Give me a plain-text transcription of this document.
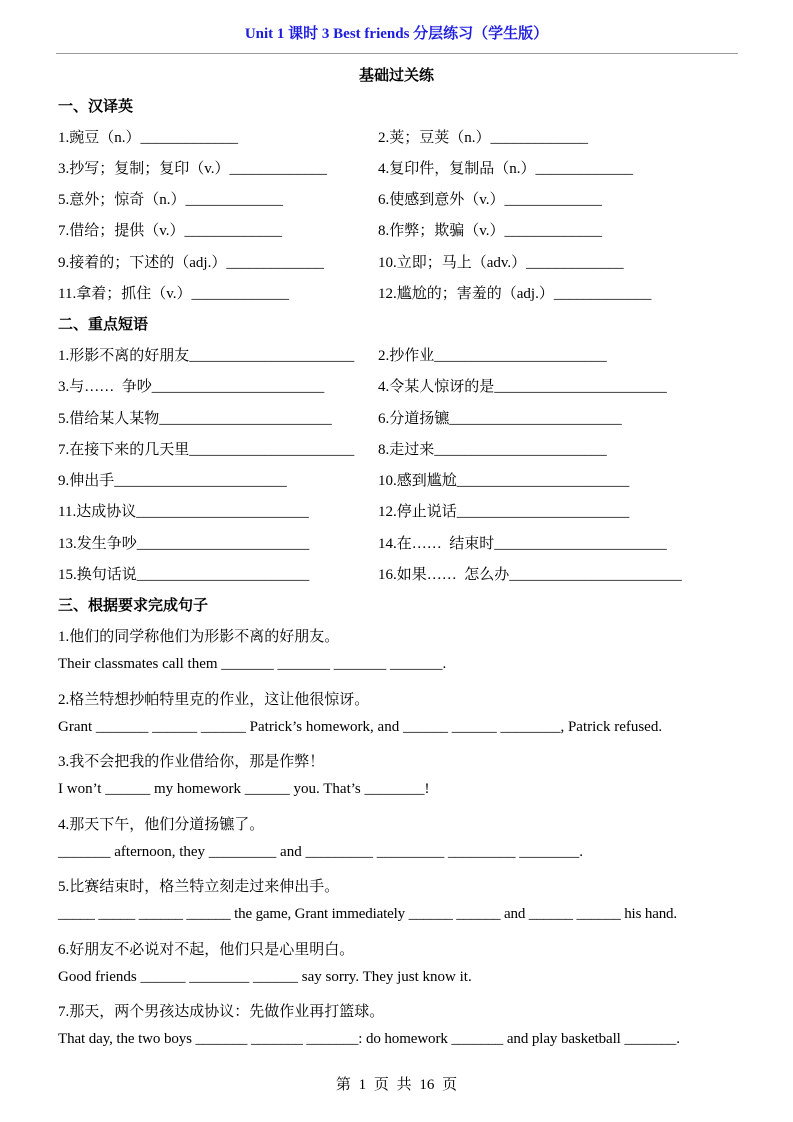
Unit 1 课时 3 Best friends 分层练习（学生版）
基础过关练
一、汉译英
1.豌豆（n.）_____________	2.荚；豆荚（n.）_____________
3.抄写；复制；复印（v.）_____________	4.复印件，复制品（n.）_____________
5.意外；惊奇（n.）_____________	6.使感到意外（v.）_____________
7.借给；提供（v.）_____________	8.作弊；欺骗（v.）_____________
9.接着的；下述的（adj.）_____________	10.立即；马上（adv.）_____________
11.拿着；抓住（v.）_____________	12.尴尬的；害羞的（adj.）_____________
二、重点短语
1.形影不离的好朋友______________________ 2.抄作业_______________________
3.与……  争吵_______________________	4.令某人惊讶的是_______________________
5.借给某人某物_______________________	6.分道扬镳_______________________
7.在接下来的几天里______________________ 8.走过来_______________________
9.伸出手_______________________	10.感到尴尬_______________________
11.达成协议_______________________	12.停止说话_______________________
13.发生争吵_______________________	14.在……  结束时_______________________
15.换句话说_______________________	16.如果……  怎么办_______________________
三、根据要求完成句子
1.他们的同学称他们为形影不离的好朋友。
Their classmates call them _______ _______ _______ _______.
2.格兰特想抄帕特里克的作业，这让他很惊讶。
Grant _______ ______ ______ Patrick’s homework, and ______ ______ ________, Patrick refused.
3.我不会把我的作业借给你，那是作弊！
I won’t ______ my homework ______ you. That’s ________!
4.那天下午，他们分道扬镳了。
_______ afternoon, they _________ and _________ _________ _________ ________.
5.比赛结束时，格兰特立刻走过来伸出手。
_____ _____ ______ ______ the game, Grant immediately ______ ______ and ______ ______ his hand.
6.好朋友不必说对不起，他们只是心里明白。
Good friends ______ ________ ______ say sorry. They just know it.
7.那天，两个男孩达成协议：先做作业再打篮球。
That day, the two boys _______ _______ _______: do homework _______ and play basketball _______.
第 1 页 共 16 页
